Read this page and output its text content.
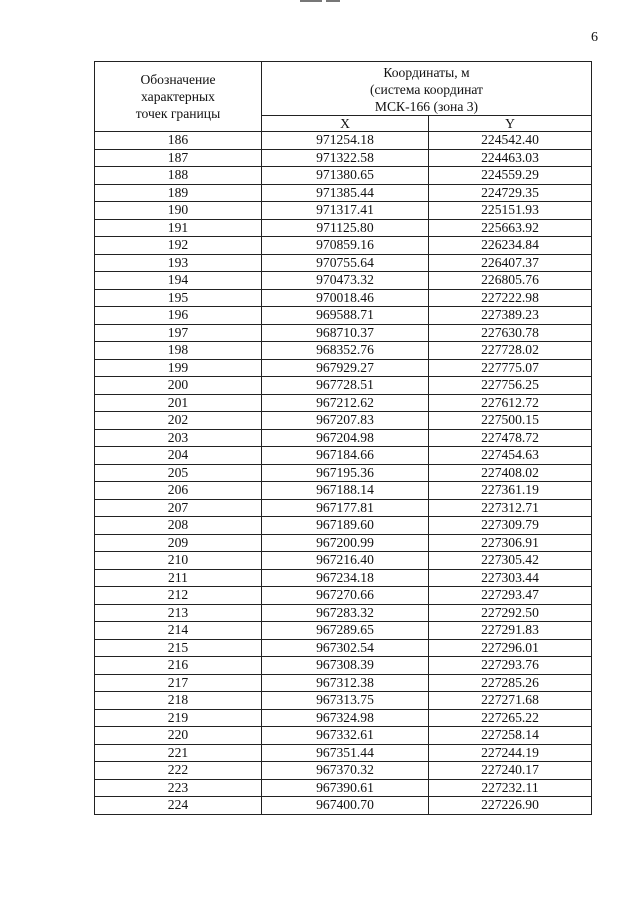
6
Обозначение
характерных
точек границы	Координаты, м
(система координат
МСК-166 (зона 3)	

	X	Y
186	971254.18	224542.40
187	971322.58	224463.03
188	971380.65	224559.29
189	971385.44	224729.35
190	971317.41	225151.93
191	971125.80	225663.92
192	970859.16	226234.84
193	970755.64	226407.37
194	970473.32	226805.76
195	970018.46	227222.98
196	969588.71	227389.23
197	968710.37	227630.78
198	968352.76	227728.02
199	967929.27	227775.07
200	967728.51	227756.25
201	967212.62	227612.72
202	967207.83	227500.15
203	967204.98	227478.72
204	967184.66	227454.63
205	967195.36	227408.02
206	967188.14	227361.19
207	967177.81	227312.71
208	967189.60	227309.79
209	967200.99	227306.91
210	967216.40	227305.42
211	967234.18	227303.44
212	967270.66	227293.47
213	967283.32	227292.50
214	967289.65	227291.83
215	967302.54	227296.01
216	967308.39	227293.76
217	967312.38	227285.26
218	967313.75	227271.68
219	967324.98	227265.22
220	967332.61	227258.14
221	967351.44	227244.19
222	967370.32	227240.17
223	967390.61	227232.11
224	967400.70	227226.90
